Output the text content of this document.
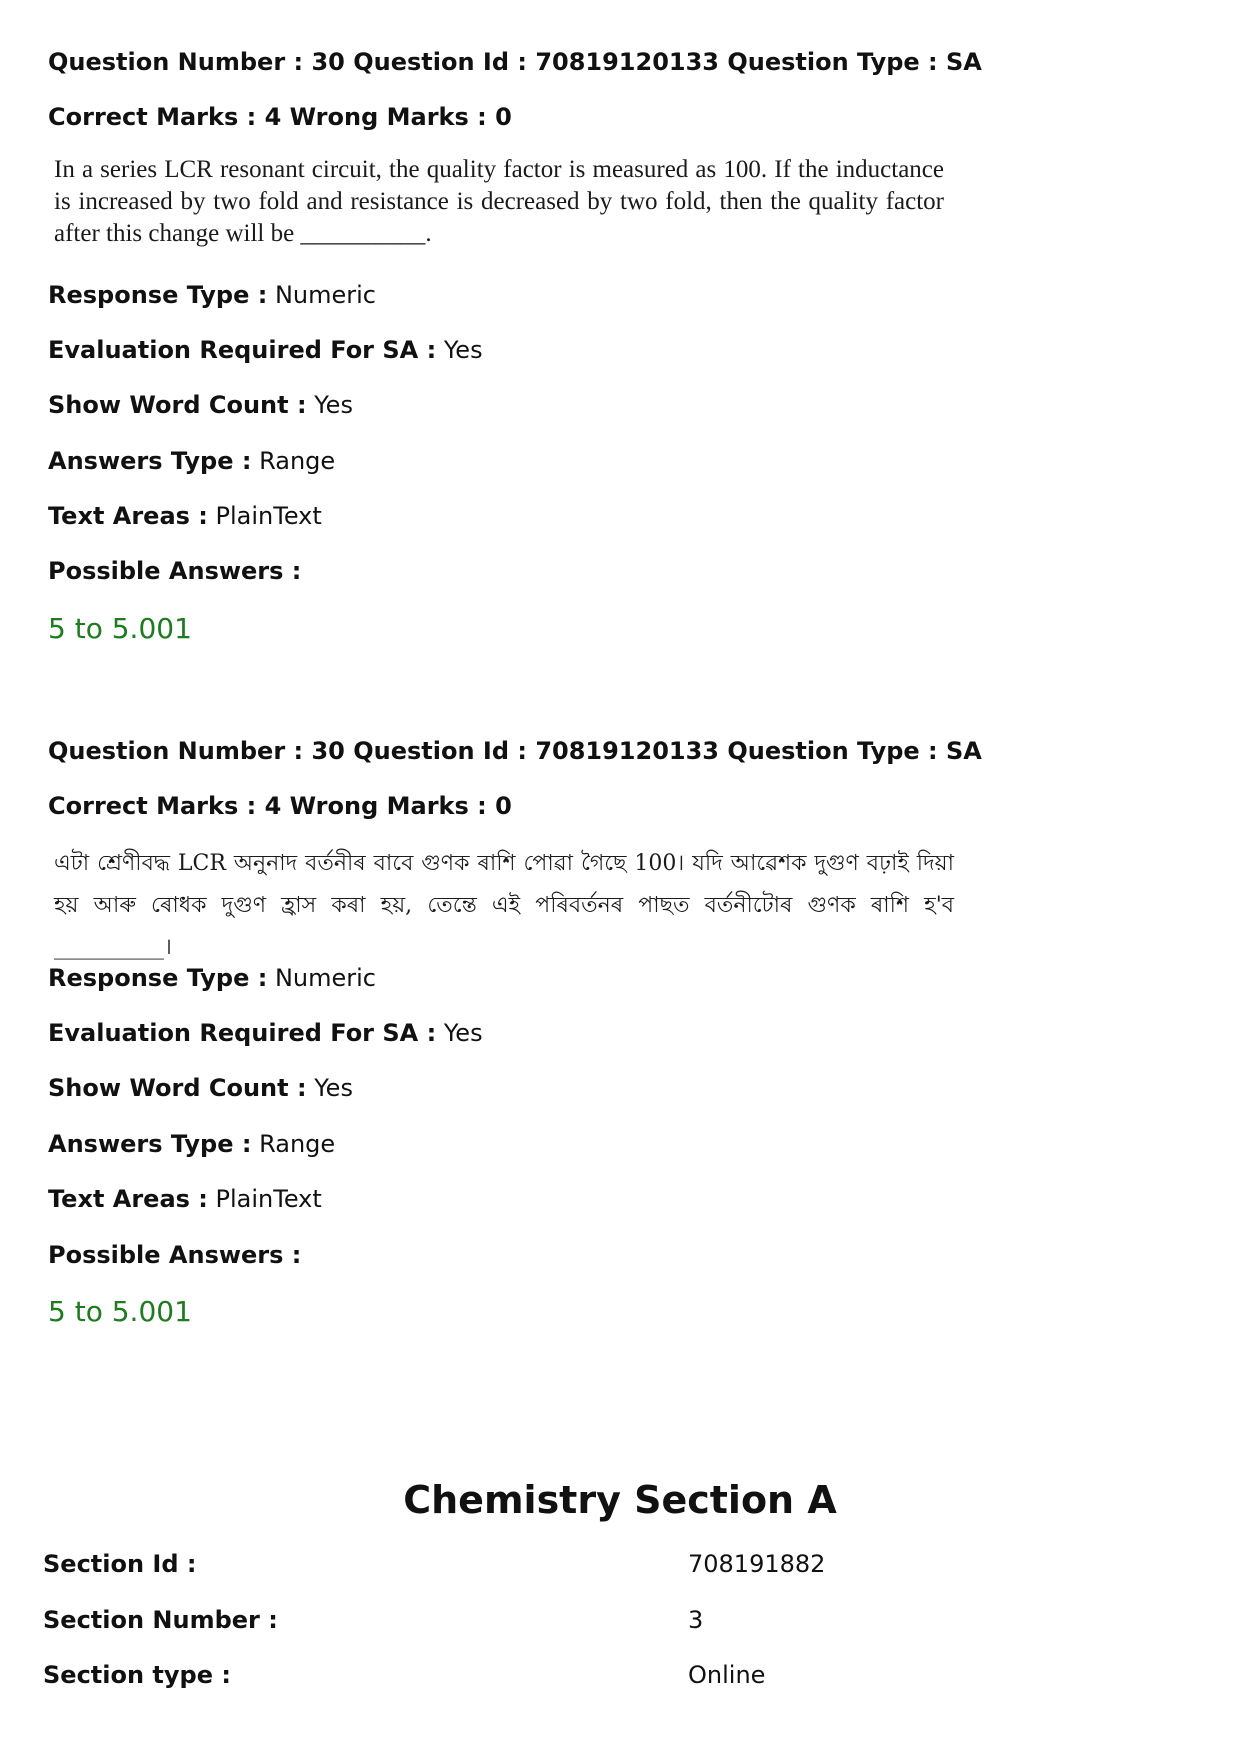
Question Number : 30 Question Id : 70819120133 Question Type : SA
Correct Marks : 4 Wrong Marks : 0
In a series LCR resonant circuit, the quality factor is measured as 100. If the inductance is increased by two fold and resistance is decreased by two fold, then the quality factor after this change will be __________.
Response Type : Numeric
Evaluation Required For SA : Yes
Show Word Count : Yes
Answers Type : Range
Text Areas : PlainText
Possible Answers :
5 to 5.001
Question Number : 30 Question Id : 70819120133 Question Type : SA
Correct Marks : 4 Wrong Marks : 0
এটা শ্ৰেণীবদ্ধ LCR অনুনাদ বৰ্তনীৰ বাবে গুণক ৰাশি পোৱা গৈছে 100। যদি আৱেশক দুগুণ বঢ়াই দিয়া হয় আৰু ৰোধক দুগুণ হ্ৰাস কৰা হয়, তেন্তে এই পৰিবৰ্তনৰ পাছত বৰ্তনীটোৰ গুণক ৰাশি হ'ব __________।
Response Type : Numeric
Evaluation Required For SA : Yes
Show Word Count : Yes
Answers Type : Range
Text Areas : PlainText
Possible Answers :
5 to 5.001
Chemistry Section A
Section Id :	708191882
Section Number :	3
Section type :	Online
